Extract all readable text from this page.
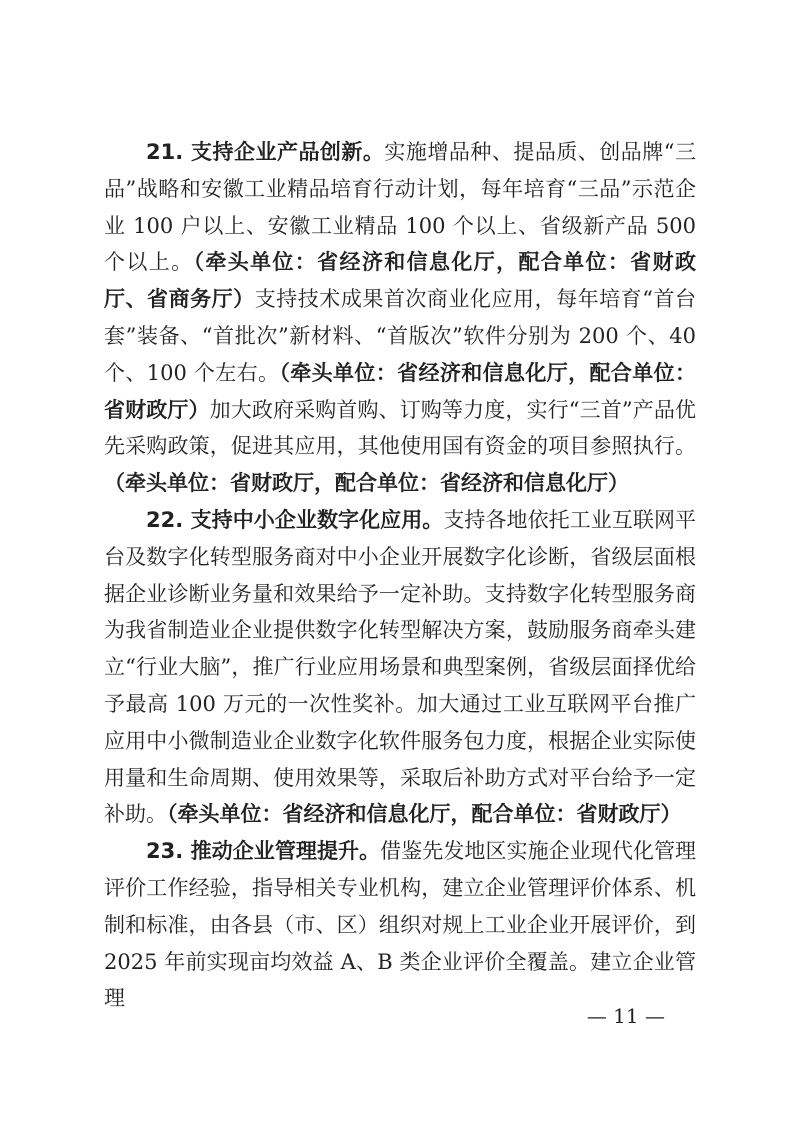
21. 支持企业产品创新。实施增品种、提品质、创品牌“三品”战略和安徽工业精品培育行动计划，每年培育“三品”示范企业 100 户以上、安徽工业精品 100 个以上、省级新产品 500 个以上。（牵头单位：省经济和信息化厅，配合单位：省财政厅、省商务厅）支持技术成果首次商业化应用，每年培育“首台套”装备、“首批次”新材料、“首版次”软件分别为 200 个、40 个、100 个左右。（牵头单位：省经济和信息化厅，配合单位：省财政厅）加大政府采购首购、订购等力度，实行“三首”产品优先采购政策，促进其应用，其他使用国有资金的项目参照执行。（牵头单位：省财政厅，配合单位：省经济和信息化厅）

22. 支持中小企业数字化应用。支持各地依托工业互联网平台及数字化转型服务商对中小企业开展数字化诊断，省级层面根据企业诊断业务量和效果给予一定补助。支持数字化转型服务商为我省制造业企业提供数字化转型解决方案，鼓励服务商牵头建立“行业大脑”，推广行业应用场景和典型案例，省级层面择优给予最高 100 万元的一次性奖补。加大通过工业互联网平台推广应用中小微制造业企业数字化软件服务包力度，根据企业实际使用量和生命周期、使用效果等，采取后补助方式对平台给予一定补助。（牵头单位：省经济和信息化厅，配合单位：省财政厅）

23. 推动企业管理提升。借鉴先发地区实施企业现代化管理评价工作经验，指导相关专业机构，建立企业管理评价体系、机制和标准，由各县（市、区）组织对规上工业企业开展评价，到 2025 年前实现亩均效益 A、B 类企业评价全覆盖。建立企业管理

— 11 —
